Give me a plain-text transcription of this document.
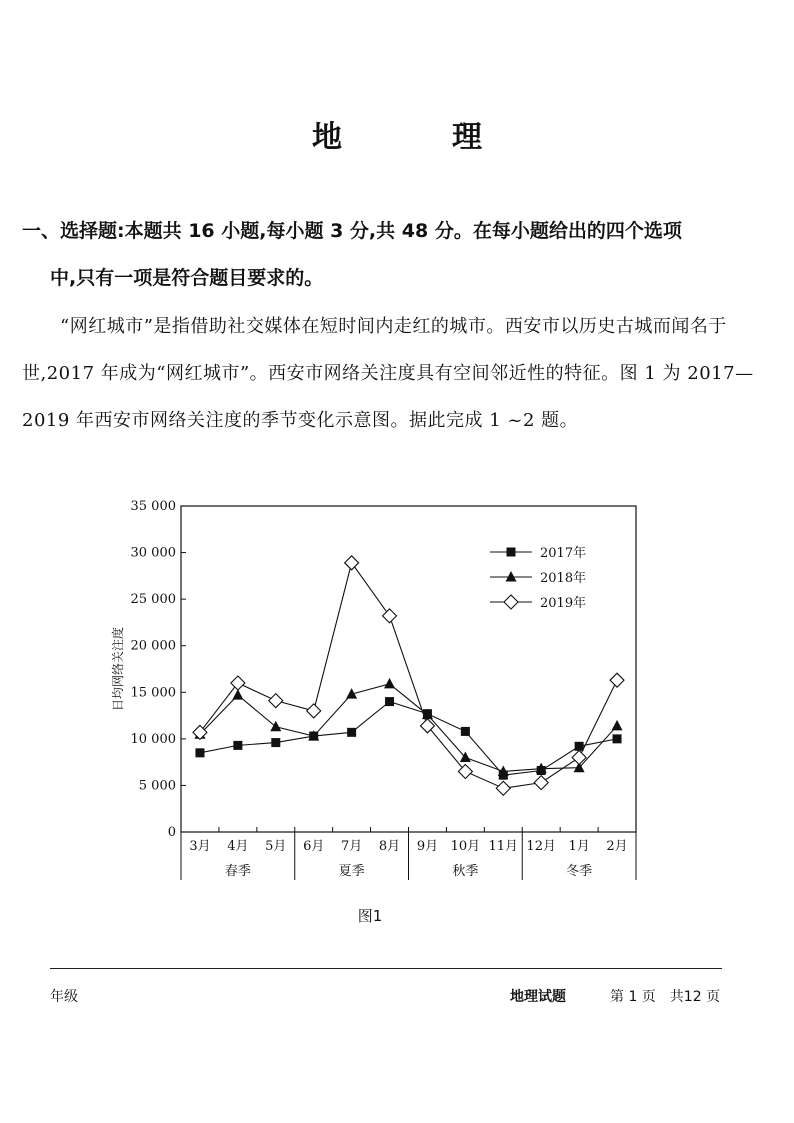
地　理
一、选择题:本题共 16 小题,每小题 3 分,共 48 分。在每小题给出的四个选项
中,只有一项是符合题目要求的。
“网红城市”是指借助社交媒体在短时间内走红的城市。西安市以历史古城而闻名于世,2017 年成为“网红城市”。西安市网络关注度具有空间邻近性的特征。图 1 为 2017—2019 年西安市网络关注度的季节变化示意图。据此完成 1 ~2 题。
0
5 000
10 000
15 000
20 000
25 000
30 000
35 000
3月 4月 5月 6月 7月 8月 9月 10月 11月 12月 1月 2月
春季	夏季	秋季	冬季
日均网络关注度
2017年
2018年
2019年
图1
年级	地理试题	第 1 页　共12 页
